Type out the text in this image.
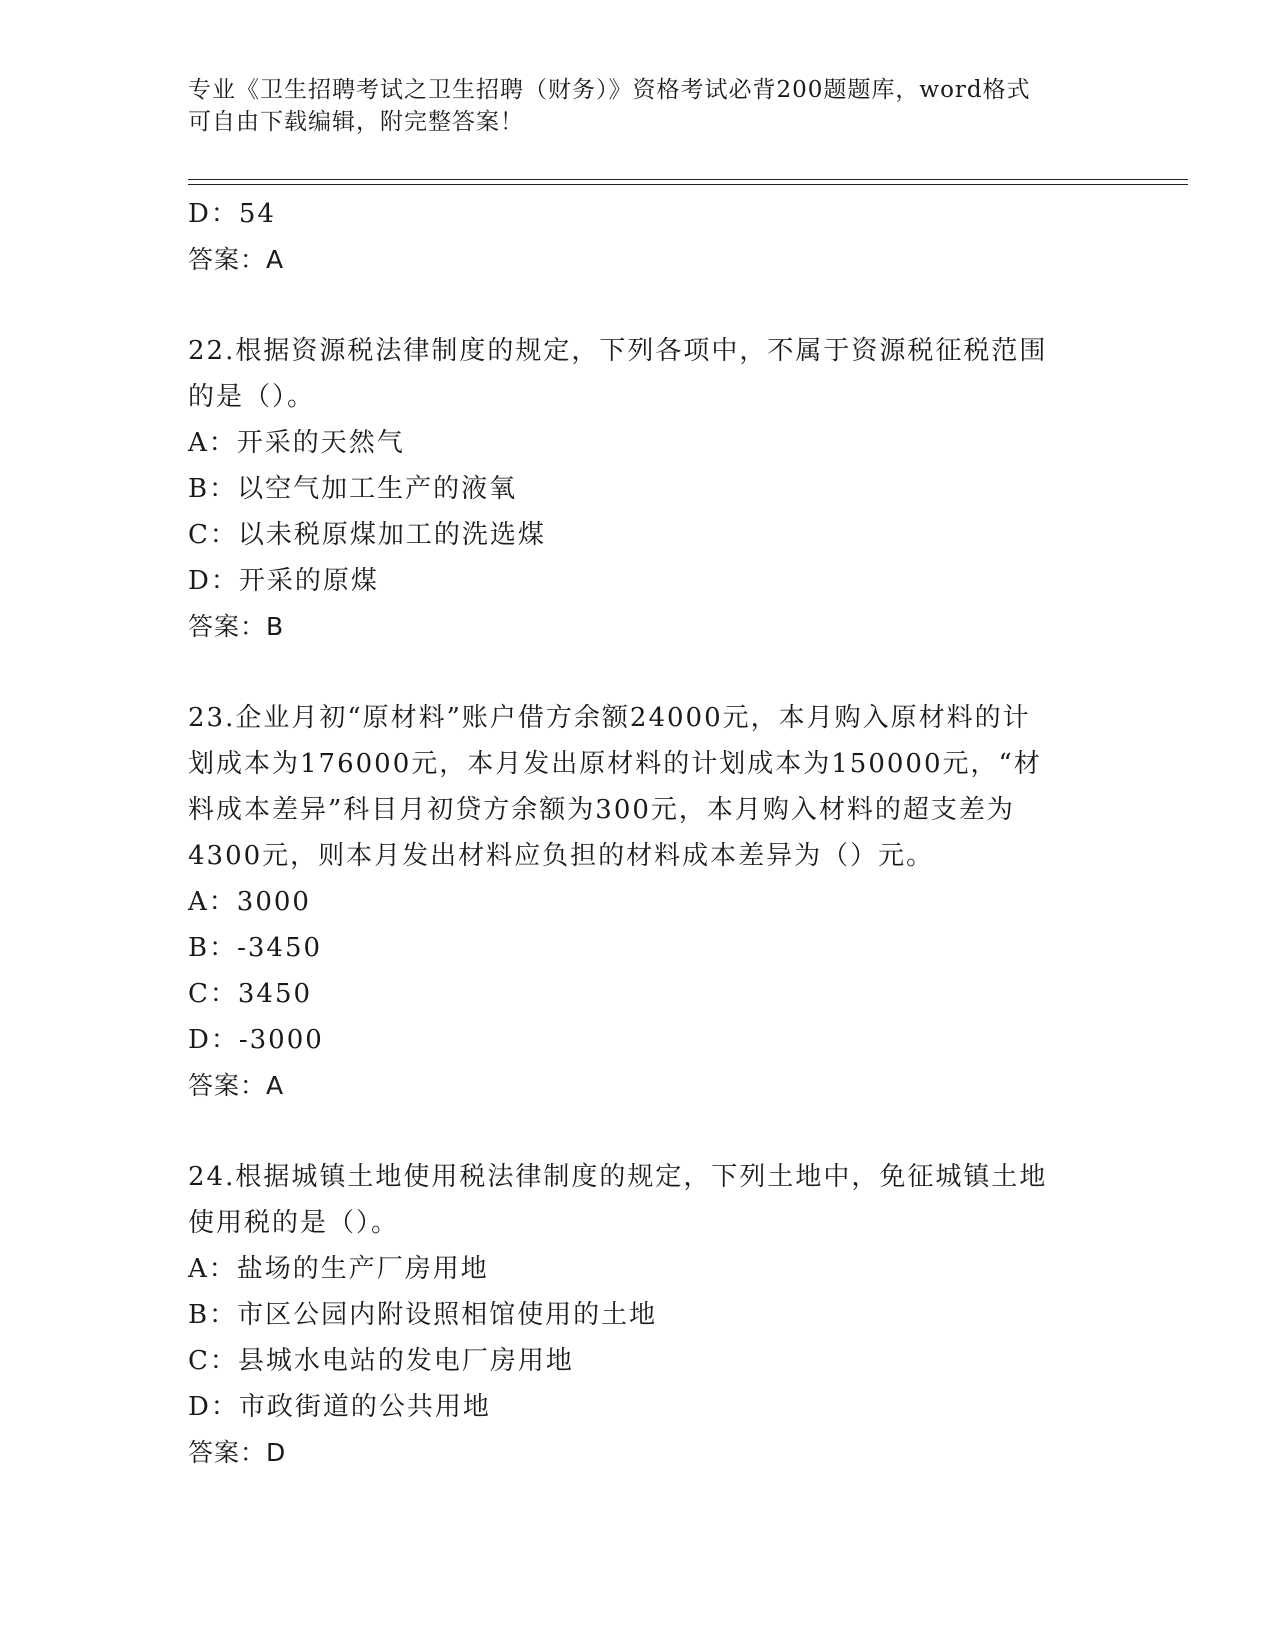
专业《卫生招聘考试之卫生招聘（财务）》资格考试必背200题题库，word格式
可自由下载编辑，附完整答案！
D：54
答案：A
22.根据资源税法律制度的规定，下列各项中，不属于资源税征税范围
的是（）。
A：开采的天然气
B：以空气加工生产的液氧
C：以未税原煤加工的洗选煤
D：开采的原煤
答案：B
23.企业月初“原材料”账户借方余额24000元，本月购入原材料的计
划成本为176000元，本月发出原材料的计划成本为150000元，“材
料成本差异”科目月初贷方余额为300元，本月购入材料的超支差为
4300元，则本月发出材料应负担的材料成本差异为（）元。
A：3000
B：-3450
C：3450
D：-3000
答案：A
24.根据城镇土地使用税法律制度的规定，下列土地中，免征城镇土地
使用税的是（）。
A：盐场的生产厂房用地
B：市区公园内附设照相馆使用的土地
C：县城水电站的发电厂房用地
D：市政街道的公共用地
答案：D
